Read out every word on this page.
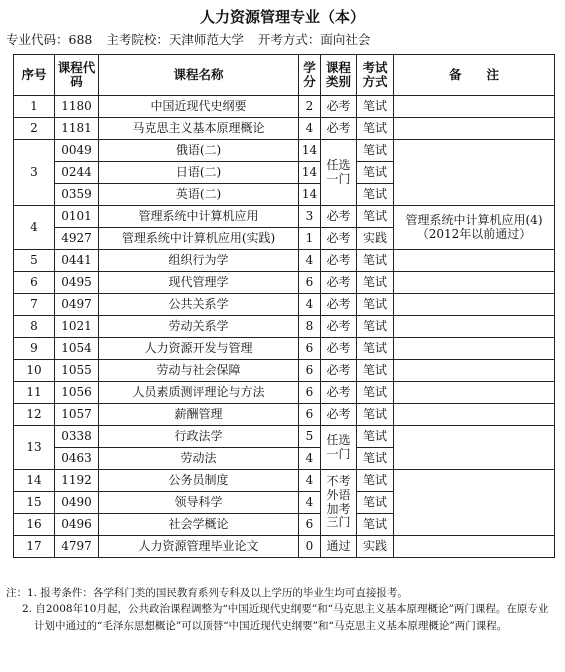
人力资源管理专业（本）
专业代码：688 主考院校：天津师范大学 开考方式：面向社会
序号	课程代码	课程名称	学分	课程类别	考试方式	备　　注
1	1180	中国近现代史纲要	2	必考	笔试	
2	1181	马克思主义基本原理概论	4	必考	笔试	
3	0049	俄语(二)	14	任选一门	笔试	
	0244	日语(二)	14		笔试	
	0359	英语(二)	14		笔试	
4	0101	管理系统中计算机应用	3	必考	笔试	管理系统中计算机应用(4)（2012年以前通过）
	4927	管理系统中计算机应用(实践)	1	必考	实践	
5	0441	组织行为学	4	必考	笔试	
6	0495	现代管理学	6	必考	笔试	
7	0497	公共关系学	4	必考	笔试	
8	1021	劳动关系学	8	必考	笔试	
9	1054	人力资源开发与管理	6	必考	笔试	
10	1055	劳动与社会保障	6	必考	笔试	
11	1056	人员素质测评理论与方法	6	必考	笔试	
12	1057	薪酬管理	6	必考	笔试	
13	0338	行政法学	5	任选一门	笔试	
	0463	劳动法	4		笔试	
14	1192	公务员制度	4	不考外语加考三门	笔试	
15	0490	领导科学	4		笔试	
16	0496	社会学概论	6		笔试	
17	4797	人力资源管理毕业论文	0	通过	实践	
注：1. 报考条件：各学科门类的国民教育系列专科及以上学历的毕业生均可直接报考。
2. 自2008年10月起，公共政治课程调整为“中国近现代史纲要”和“马克思主义基本原理概论”两门课程。在原专业计划中通过的“毛泽东思想概论”可以顶替“中国近现代史纲要”和“马克思主义基本原理概论”两门课程。
